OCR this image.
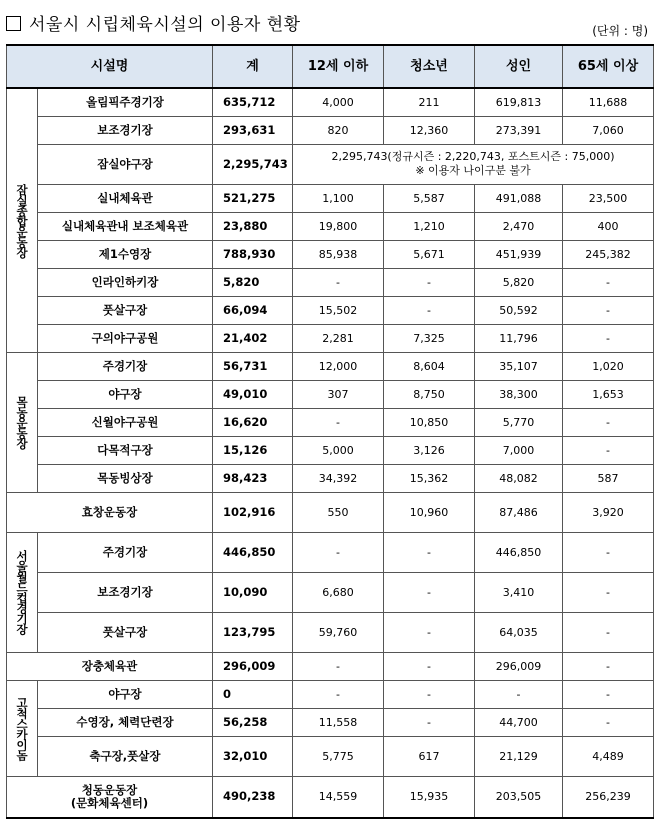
서울시 시립체육시설의 이용자 현황	(단위 : 명)
시설명		계	12세 이하	청소년	성인	65세 이상
잠실종합운동장	올림픽주경기장	635,712	4,000	211	619,813	11,688
	보조경기장	293,631	820	12,360	273,391	7,060
	잠실야구장	2,295,743	2,295,743(정규시즌 : 2,220,743, 포스트시즌 : 75,000)
※ 이용자 나이구분 불가			

	실내체육관	521,275	1,100	5,587	491,088	23,500
	실내체육관내 보조체육관	23,880	19,800	1,210	2,470	400
	제1수영장	788,930	85,938	5,671	451,939	245,382
	인라인하키장	5,820	-	-	5,820	-
	풋살구장	66,094	15,502	-	50,592	-
	구의야구공원	21,402	2,281	7,325	11,796	-
목동운동장	주경기장	56,731	12,000	8,604	35,107	1,020
	야구장	49,010	307	8,750	38,300	1,653
	신월야구공원	16,620	-	10,850	5,770	-
	다목적구장	15,126	5,000	3,126	7,000	-
	목동빙상장	98,423	34,392	15,362	48,082	587
효창운동장		102,916	550	10,960	87,486	3,920
서울월드컵경기장	주경기장	446,850	-	-	446,850	-
	보조경기장	10,090	6,680	-	3,410	-
	풋살구장	123,795	59,760	-	64,035	-
장충체육관		296,009	-	-	296,009	-
고척스카이돔	야구장	0	-	-	-	-
	수영장, 체력단련장	56,258	11,558	-	44,700	-
	축구장,풋살장	32,010	5,775	617	21,129	4,489

청동운동장
(문화체육센터)		490,238	14,559	15,935	203,505	256,239
